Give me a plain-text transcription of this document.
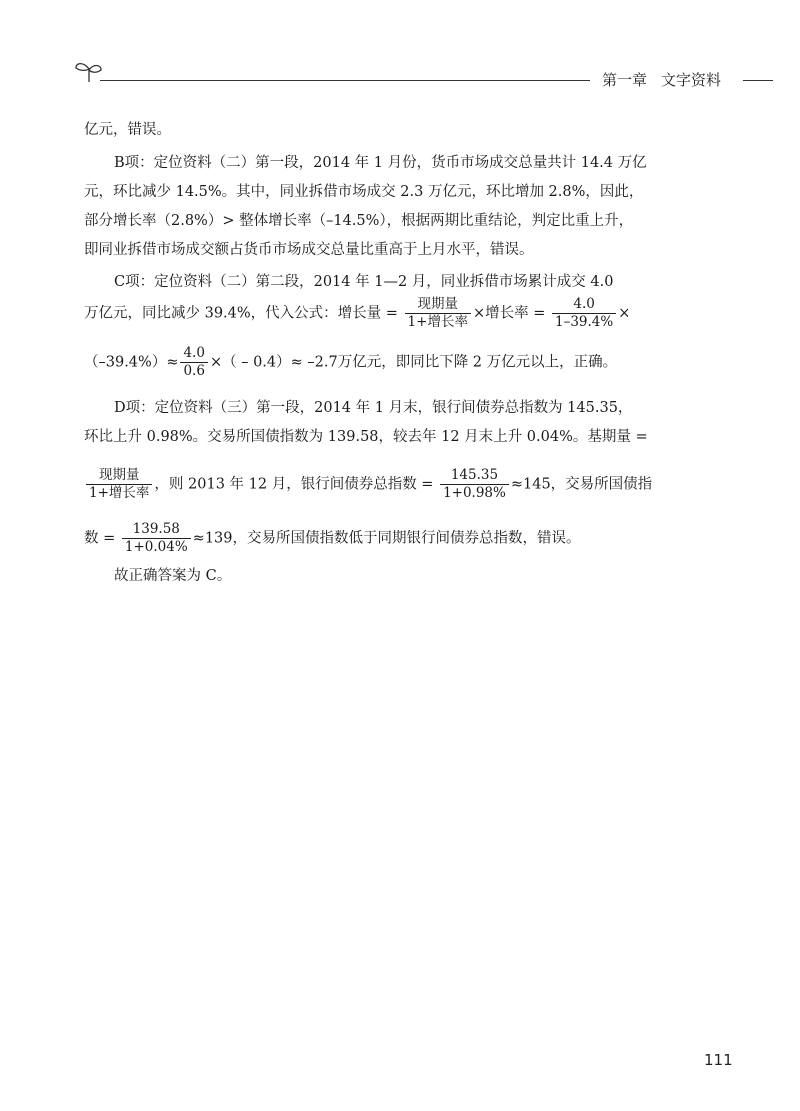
第一章 文字资料
亿元，错误。
B项：定位资料（二）第一段，2014 年 1 月份，货币市场成交总量共计 14.4 万亿
元，环比减少 14.5%。其中，同业拆借市场成交 2.3 万亿元，环比增加 2.8%，因此，
部分增长率（2.8%）> 整体增长率（–14.5%），根据两期比重结论，判定比重上升，
即同业拆借市场成交额占货币市场成交总量比重高于上月水平，错误。
C项：定位资料（二）第二段，2014 年 1—2 月，同业拆借市场累计成交 4.0
万亿元，同比减少 39.4%，代入公式：增长量 = $\frac{\text{现期量}}{\text{1+增长率}}$ ×增长率 = $\frac{4.0}{1-39.4\%}$ ×
$(-39.4\%)\approx \frac{4.0}{0.6}$ ×（ – 0.4）≈ –2.7万亿元，即同比下降 2 万亿元以上，正确。
D项：定位资料（三）第一段，2014 年 1 月末，银行间债券总指数为 145.35，
环比上升 0.98%。交易所国债指数为 139.58，较去年 12 月末上升 0.04%。基期量 =
$\frac{\text{现期量}}{\text{1+增长率}}$ ，则 2013 年 12 月，银行间债券总指数 = $\frac{145.35}{1+0.98\%} \approx 145$，交易所国债指
数 = $\frac{139.58}{1+0.04\%} \approx 139$，交易所国债指数低于同期银行间债券总指数，错误。
故正确答案为 C。
111
